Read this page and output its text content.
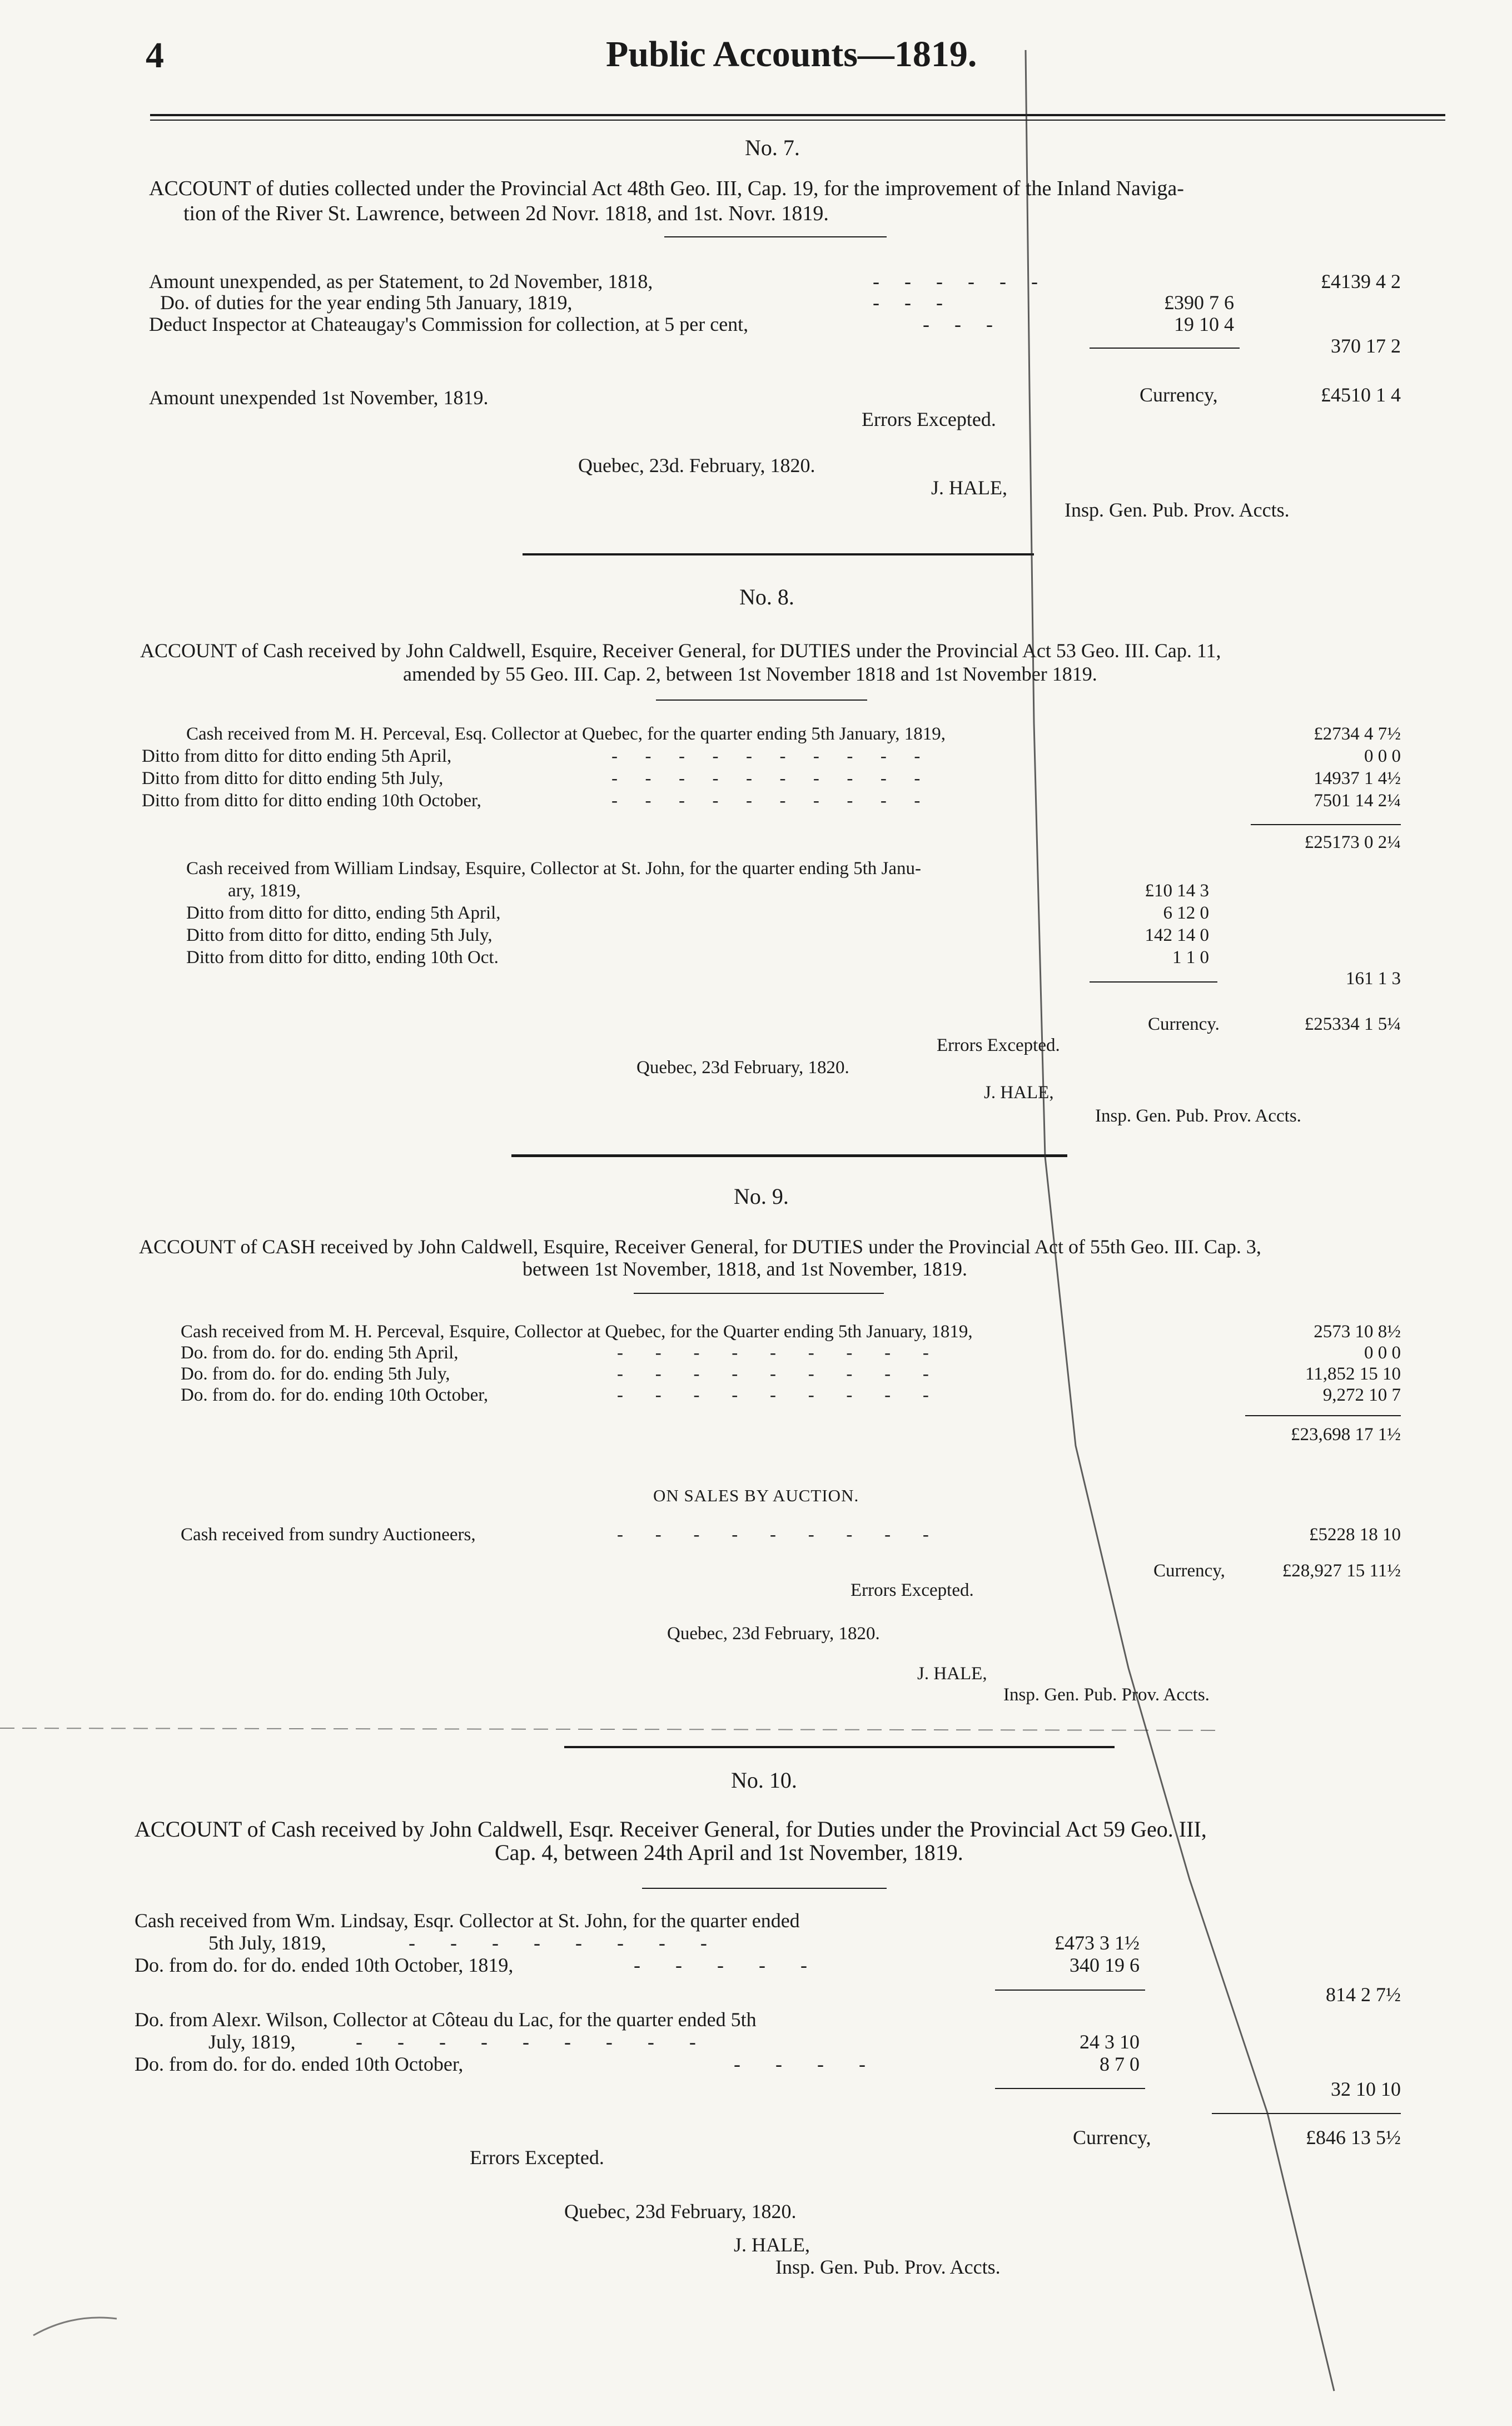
4	Public Accounts—1819.
No. 7.
ACCOUNT of duties collected under the Provincial Act 48th Geo. III, Cap. 19, for the improvement of the Inland Naviga-
tion of the River St. Lawrence, between 2d Novr. 1818, and 1st. Novr. 1819.
Amount unexpended, as per Statement, to 2d November, 1818,	-     -     -     -     -     -	£4139 4 2
Do. of duties for the year ending 5th January, 1819,	-     -     -	£390 7 6
Deduct Inspector at Chateaugay's Commission for collection, at 5 per cent,	-     -     -	19 10 4
370 17 2
Amount unexpended 1st November, 1819.	Currency,	£4510 1 4
Errors Excepted.
Quebec, 23d. February, 1820.
J. HALE,
Insp. Gen. Pub. Prov. Accts.
No. 8.
ACCOUNT of Cash received by John Caldwell, Esquire, Receiver General, for DUTIES under the Provincial Act 53 Geo. III. Cap. 11,
amended by 55 Geo. III. Cap. 2, between 1st November 1818 and 1st November 1819.
Cash received from M. H. Perceval, Esq. Collector at Quebec, for the quarter ending 5th January, 1819,	£2734 4 7½
Ditto from ditto for ditto ending 5th April,	-      -      -      -      -      -      -      -      -      -	0 0 0
Ditto from ditto for ditto ending 5th July,	-      -      -      -      -      -      -      -      -      -	14937 1 4½
Ditto from ditto for ditto ending 10th October,	-      -      -      -      -      -      -      -      -      -	7501 14 2¼
£25173 0 2¼
Cash received from William Lindsay, Esquire, Collector at St. John, for the quarter ending 5th Janu-
ary, 1819,	£10 14 3
Ditto from ditto for ditto, ending 5th April,	6 12 0
Ditto from ditto for ditto, ending 5th July,	142 14 0
Ditto from ditto for ditto, ending 10th Oct.	1 1 0
161 1 3
Currency.	£25334 1 5¼
Errors Excepted.
Quebec, 23d February, 1820.
J. HALE,
Insp. Gen. Pub. Prov. Accts.
No. 9.
ACCOUNT of CASH received by John Caldwell, Esquire, Receiver General, for DUTIES under the Provincial Act of 55th Geo. III. Cap. 3,
between 1st November, 1818, and 1st November, 1819.
Cash received from M. H. Perceval, Esquire, Collector at Quebec, for the Quarter ending 5th January, 1819,	2573 10 8½
Do. from do. for do. ending 5th April,	-       -       -       -       -       -       -       -       -	0 0 0
Do. from do. for do. ending 5th July,	-       -       -       -       -       -       -       -       -	11,852 15 10
Do. from do. for do. ending 10th October,	-       -       -       -       -       -       -       -       -	9,272 10 7
£23,698 17 1½
ON SALES BY AUCTION.
Cash received from sundry Auctioneers,	-       -       -       -       -       -       -       -       -	£5228 18 10
Currency,	£28,927 15 11½
Errors Excepted.
Quebec, 23d February, 1820.
J. HALE,
Insp. Gen. Pub. Prov. Accts.
No. 10.
ACCOUNT of Cash received by John Caldwell, Esqr. Receiver General, for Duties under the Provincial Act 59 Geo. III,
Cap. 4, between 24th April and 1st November, 1819.
Cash received from Wm. Lindsay, Esqr. Collector at St. John, for the quarter ended
5th July, 1819,	-       -       -       -       -       -       -       -	£473 3 1½
Do. from do. for do. ended 10th October, 1819,	-       -       -       -       -	340 19 6
814 2 7½
Do. from Alexr. Wilson, Collector at Côteau du Lac, for the quarter ended 5th
July, 1819,	-       -       -       -       -       -       -       -       -	24 3 10
Do. from do. for do. ended 10th October,	-       -       -       -	8 7 0
32 10 10
Currency,	£846 13 5½
Errors Excepted.
Quebec, 23d February, 1820.
J. HALE,
Insp. Gen. Pub. Prov. Accts.
